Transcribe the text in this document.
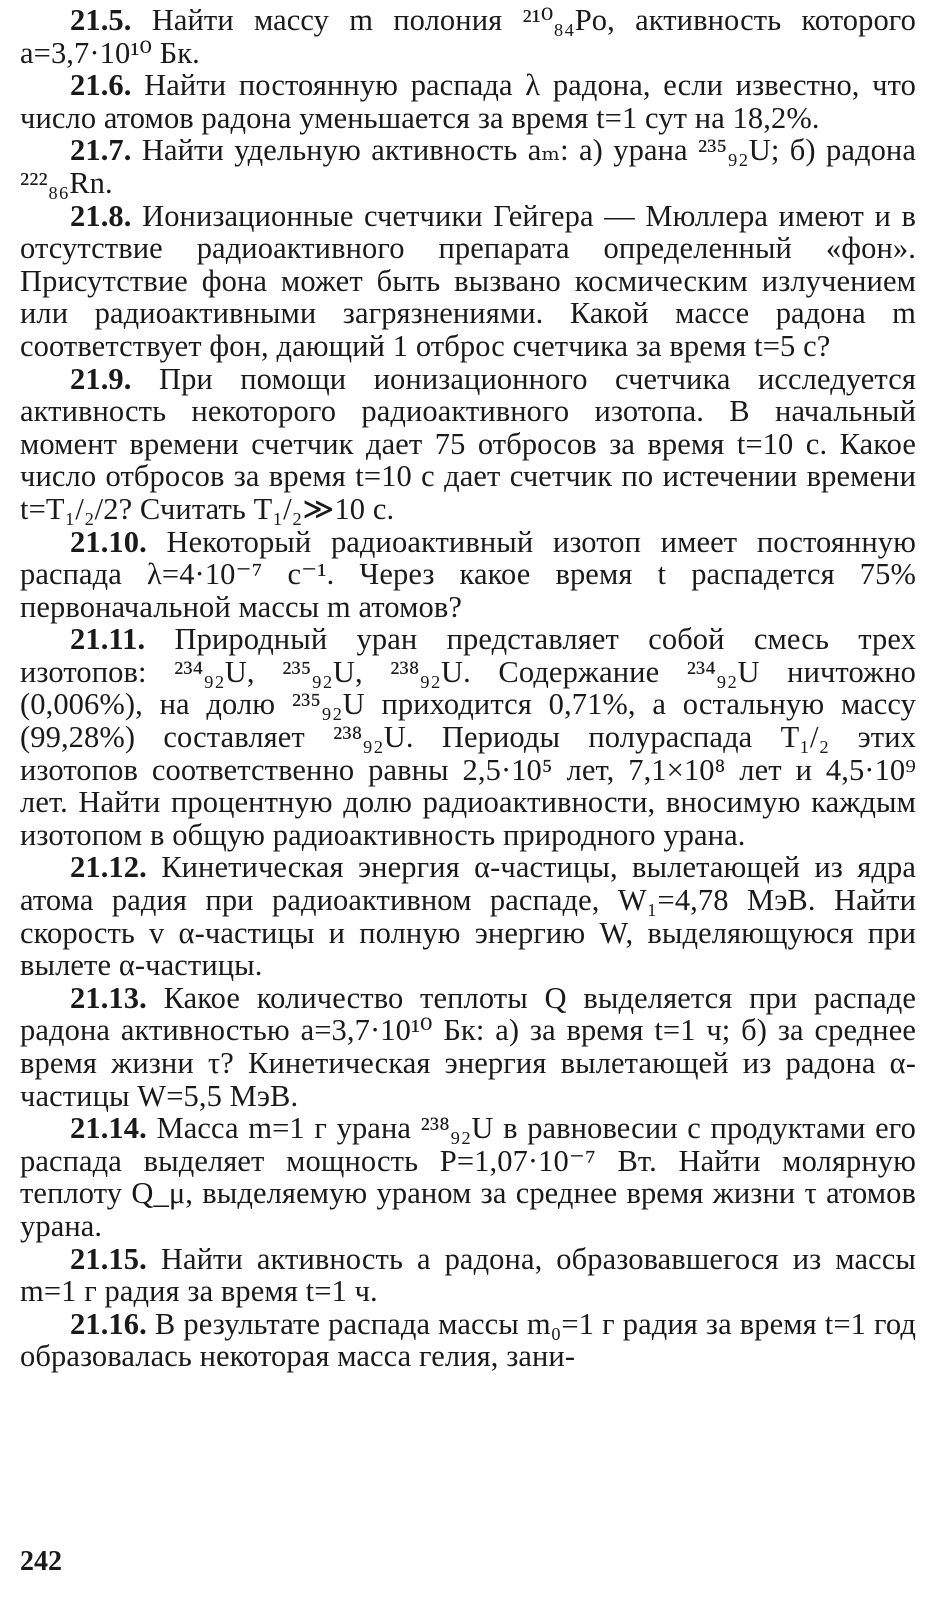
21.5. Найти массу m полония ²¹⁰₈₄Po, активность которого a=3,7·10¹⁰ Бк.

21.6. Найти постоянную распада λ радона, если известно, что число атомов радона уменьшается за время t=1 сут на 18,2%.

21.7. Найти удельную активность aₘ: а) урана ²³⁵₉₂U; б) радона ²²²₈₆Rn.

21.8. Ионизационные счетчики Гейгера — Мюллера имеют и в отсутствие радиоактивного препарата определенный «фон». Присутствие фона может быть вызвано космическим излучением или радиоактивными загрязнениями. Какой массе радона m соответствует фон, дающий 1 отброс счетчика за время t=5 с?

21.9. При помощи ионизационного счетчика исследуется активность некоторого радиоактивного изотопа. В начальный момент времени счетчик дает 75 отбросов за время t=10 с. Какое число отбросов за время t=10 с дает счетчик по истечении времени t=T₁/₂/2? Считать T₁/₂≫10 с.

21.10. Некоторый радиоактивный изотоп имеет постоянную распада λ=4·10⁻⁷ с⁻¹. Через какое время t распадется 75% первоначальной массы m атомов?

21.11. Природный уран представляет собой смесь трех изотопов: ²³⁴₉₂U, ²³⁵₉₂U, ²³⁸₉₂U. Содержание ²³⁴₉₂U ничтожно (0,006%), на долю ²³⁵₉₂U приходится 0,71%, а остальную массу (99,28%) составляет ²³⁸₉₂U. Периоды полураспада T₁/₂ этих изотопов соответственно равны 2,5·10⁵ лет, 7,1×10⁸ лет и 4,5·10⁹ лет. Найти процентную долю радиоактивности, вносимую каждым изотопом в общую радиоактивность природного урана.

21.12. Кинетическая энергия α-частицы, вылетающей из ядра атома радия при радиоактивном распаде, W₁=4,78 МэВ. Найти скорость v α-частицы и полную энергию W, выделяющуюся при вылете α-частицы.

21.13. Какое количество теплоты Q выделяется при распаде радона активностью a=3,7·10¹⁰ Бк: а) за время t=1 ч; б) за среднее время жизни τ? Кинетическая энергия вылетающей из радона α-частицы W=5,5 МэВ.

21.14. Масса m=1 г урана ²³⁸₉₂U в равновесии с продуктами его распада выделяет мощность P=1,07·10⁻⁷ Вт. Найти молярную теплоту Q_μ, выделяемую ураном за среднее время жизни τ атомов урана.

21.15. Найти активность a радона, образовавшегося из массы m=1 г радия за время t=1 ч.

21.16. В результате распада массы m₀=1 г радия за время t=1 год образовалась некоторая масса гелия, зани-

242
